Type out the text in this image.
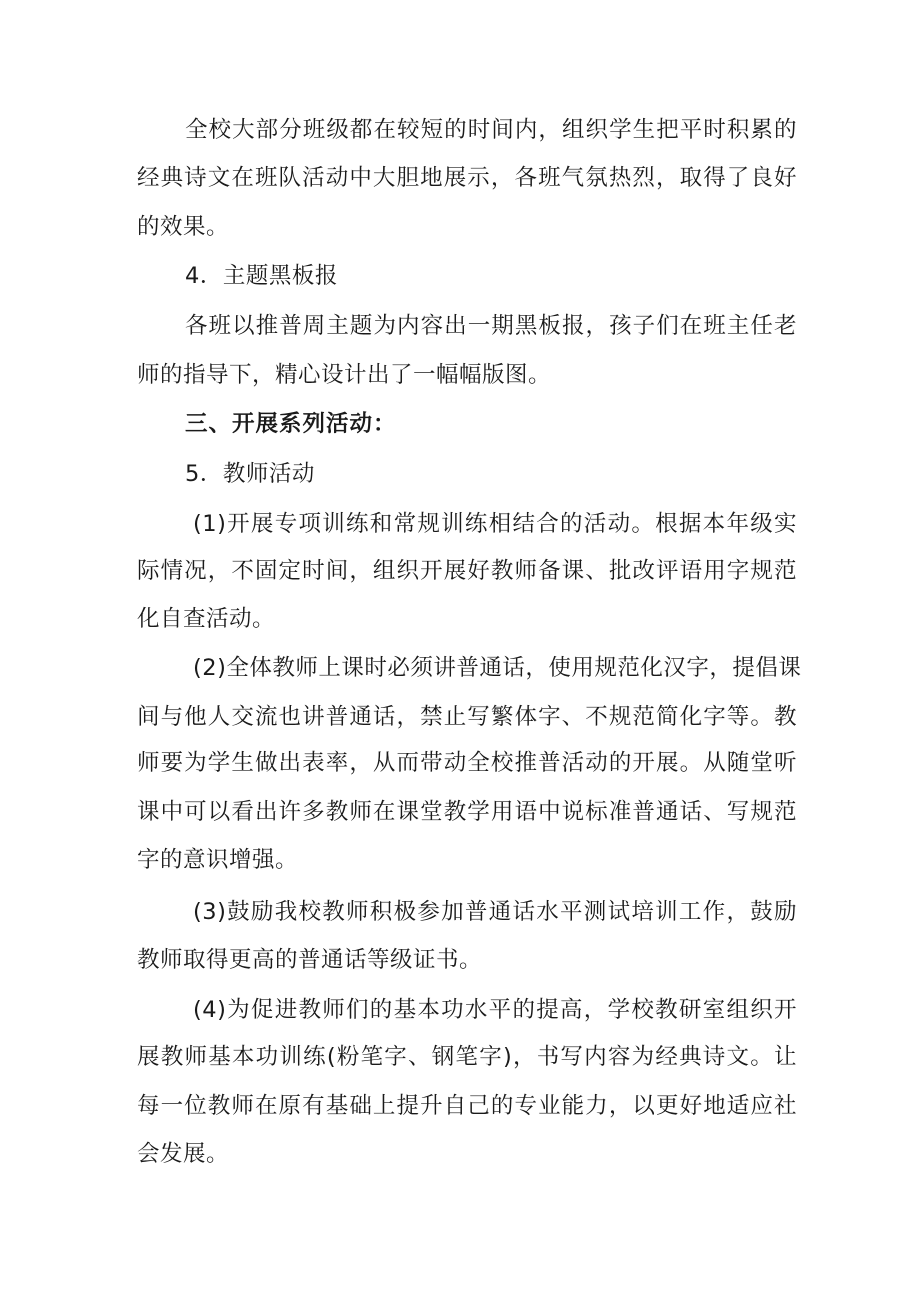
全校大部分班级都在较短的时间内，组织学生把平时积累的
经典诗文在班队活动中大胆地展示，各班气氛热烈，取得了良好
的效果。
4．主题黑板报
各班以推普周主题为内容出一期黑板报，孩子们在班主任老
师的指导下，精心设计出了一幅幅版图。
三、开展系列活动：
5．教师活动
(1)开展专项训练和常规训练相结合的活动。根据本年级实
际情况，不固定时间，组织开展好教师备课、批改评语用字规范
化自查活动。
(2)全体教师上课时必须讲普通话，使用规范化汉字，提倡课
间与他人交流也讲普通话，禁止写繁体字、不规范简化字等。教
师要为学生做出表率，从而带动全校推普活动的开展。从随堂听
课中可以看出许多教师在课堂教学用语中说标准普通话、写规范
字的意识增强。
(3)鼓励我校教师积极参加普通话水平测试培训工作，鼓励
教师取得更高的普通话等级证书。
(4)为促进教师们的基本功水平的提高，学校教研室组织开
展教师基本功训练(粉笔字、钢笔字)，书写内容为经典诗文。让
每一位教师在原有基础上提升自己的专业能力，以更好地适应社
会发展。
